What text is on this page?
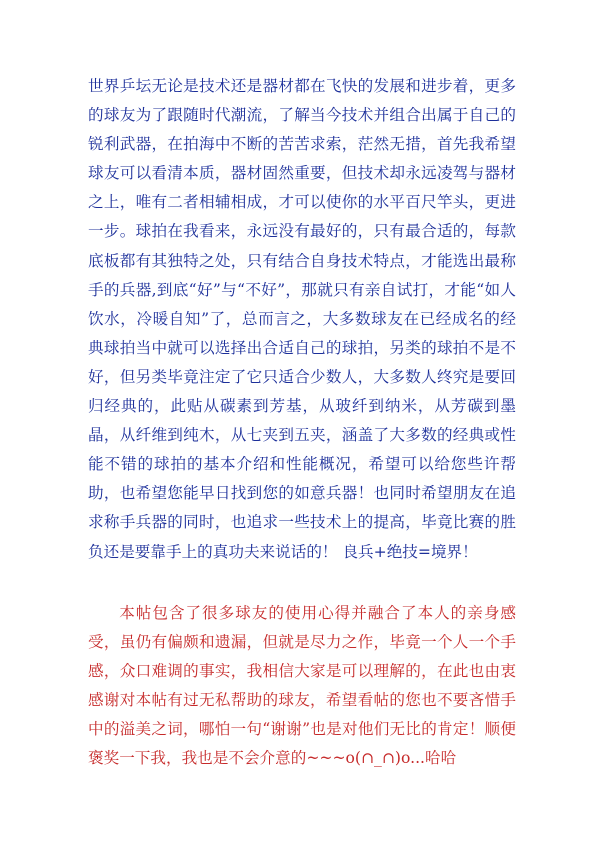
世界乒坛无论是技术还是器材都在飞快的发展和进步着，更多的球友为了跟随时代潮流，了解当今技术并组合出属于自己的锐利武器，在拍海中不断的苦苦求索，茫然无措，首先我希望球友可以看清本质，器材固然重要，但技术却永远凌驾与器材之上，唯有二者相辅相成，才可以使你的水平百尺竿头，更进一步。球拍在我看来，永远没有最好的，只有最合适的，每款底板都有其独特之处，只有结合自身技术特点，才能选出最称手的兵器,到底“好”与“不好”，那就只有亲自试打，才能“如人饮水，冷暖自知”了，总而言之，大多数球友在已经成名的经典球拍当中就可以选择出合适自己的球拍，另类的球拍不是不好，但另类毕竟注定了它只适合少数人，大多数人终究是要回归经典的，此贴从碳素到芳基，从玻纤到纳米，从芳碳到墨晶，从纤维到纯木，从七夹到五夹，涵盖了大多数的经典或性能不错的球拍的基本介绍和性能概况，希望可以给您些许帮助，也希望您能早日找到您的如意兵器！也同时希望朋友在追求称手兵器的同时，也追求一些技术上的提高，毕竟比赛的胜负还是要靠手上的真功夫来说话的！ 良兵+绝技=境界！

本帖包含了很多球友的使用心得并融合了本人的亲身感受，虽仍有偏颇和遗漏，但就是尽力之作，毕竟一个人一个手感，众口难调的事实，我相信大家是可以理解的，在此也由衷感谢对本帖有过无私帮助的球友，希望看帖的您也不要吝惜手中的溢美之词，哪怕一句“谢谢”也是对他们无比的肯定！顺便褒奖一下我，我也是不会介意的~~~o(∩_∩)o...哈哈
